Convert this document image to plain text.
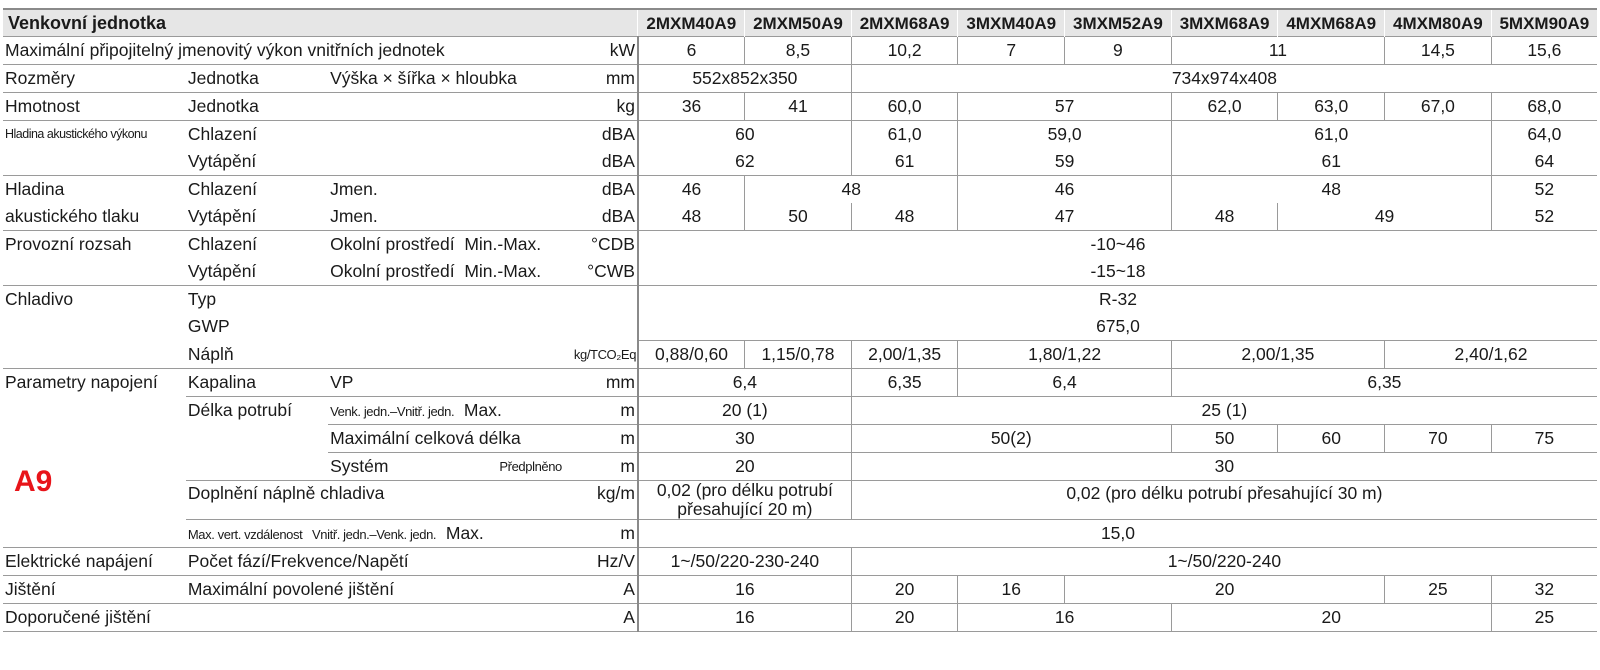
Venkovní jednotka				2MXM40A9	2MXM50A9	2MXM68A9	3MXM40A9	3MXM52A9	3MXM68A9	4MXM68A9	4MXM80A9	5MXM90A9
Maximální připojitelný jmenovitý výkon vnitřních jednotek			kW	6	8,5	10,2	7	9	11		14,5	15,6
Rozměry	Jednotka	Výška × šířka × hloubka	mm	552x852x350		734x974x408						
Hmotnost	Jednotka		kg	36	41	60,0	57		62,0	63,0	67,0	68,0
Hladina akustického výkonu	Chlazení		dBA	60		61,0	59,0		61,0			64,0
	Vytápění		dBA	62		61	59		61			64
Hladina	Chlazení	Jmen.	dBA	46	48		46		48			52
akustického tlaku	Vytápění	Jmen.	dBA	48	50	48	47		48	49		52
Provozní rozsah	Chlazení	Okolní prostředí Min.-Max.	°CDB	-10~46								
	Vytápění	Okolní prostředí Min.-Max.	°CWB	-15~18								
Chladivo	Typ			R-32								
	GWP			675,0								
	Náplň		kg/TCO₂Eq	0,88/0,60	1,15/0,78	2,00/1,35	1,80/1,22		2,00/1,35		2,40/1,62	
Parametry napojení	Kapalina	VP	mm	6,4		6,35	6,4		6,35			
	Délka potrubí	Venk. jedn.–Vnitř. jedn. Max.	m	20 (1)		25 (1)						
		Maximální celková délka	m	30		50(2)			50	60	70	75
		Systém Předplněno	m	20		30						
	Doplnění náplně chladiva		kg/m	0,02 (pro délku potrubí
přesahující 20 m)		0,02 (pro délku potrubí přesahující 30 m)						
	Max. vert. vzdálenost Vnitř. jedn.–Venk. jedn. Max.		m	15,0								
Elektrické napájení	Počet fází/Frekvence/Napětí		Hz/V	1~/50/220-230-240		1~/50/220-240						
Jištění	Maximální povolené jištění		A	16		20	16	20			25	32
Doporučené jištění			A	16		20	16		20			25
A9
